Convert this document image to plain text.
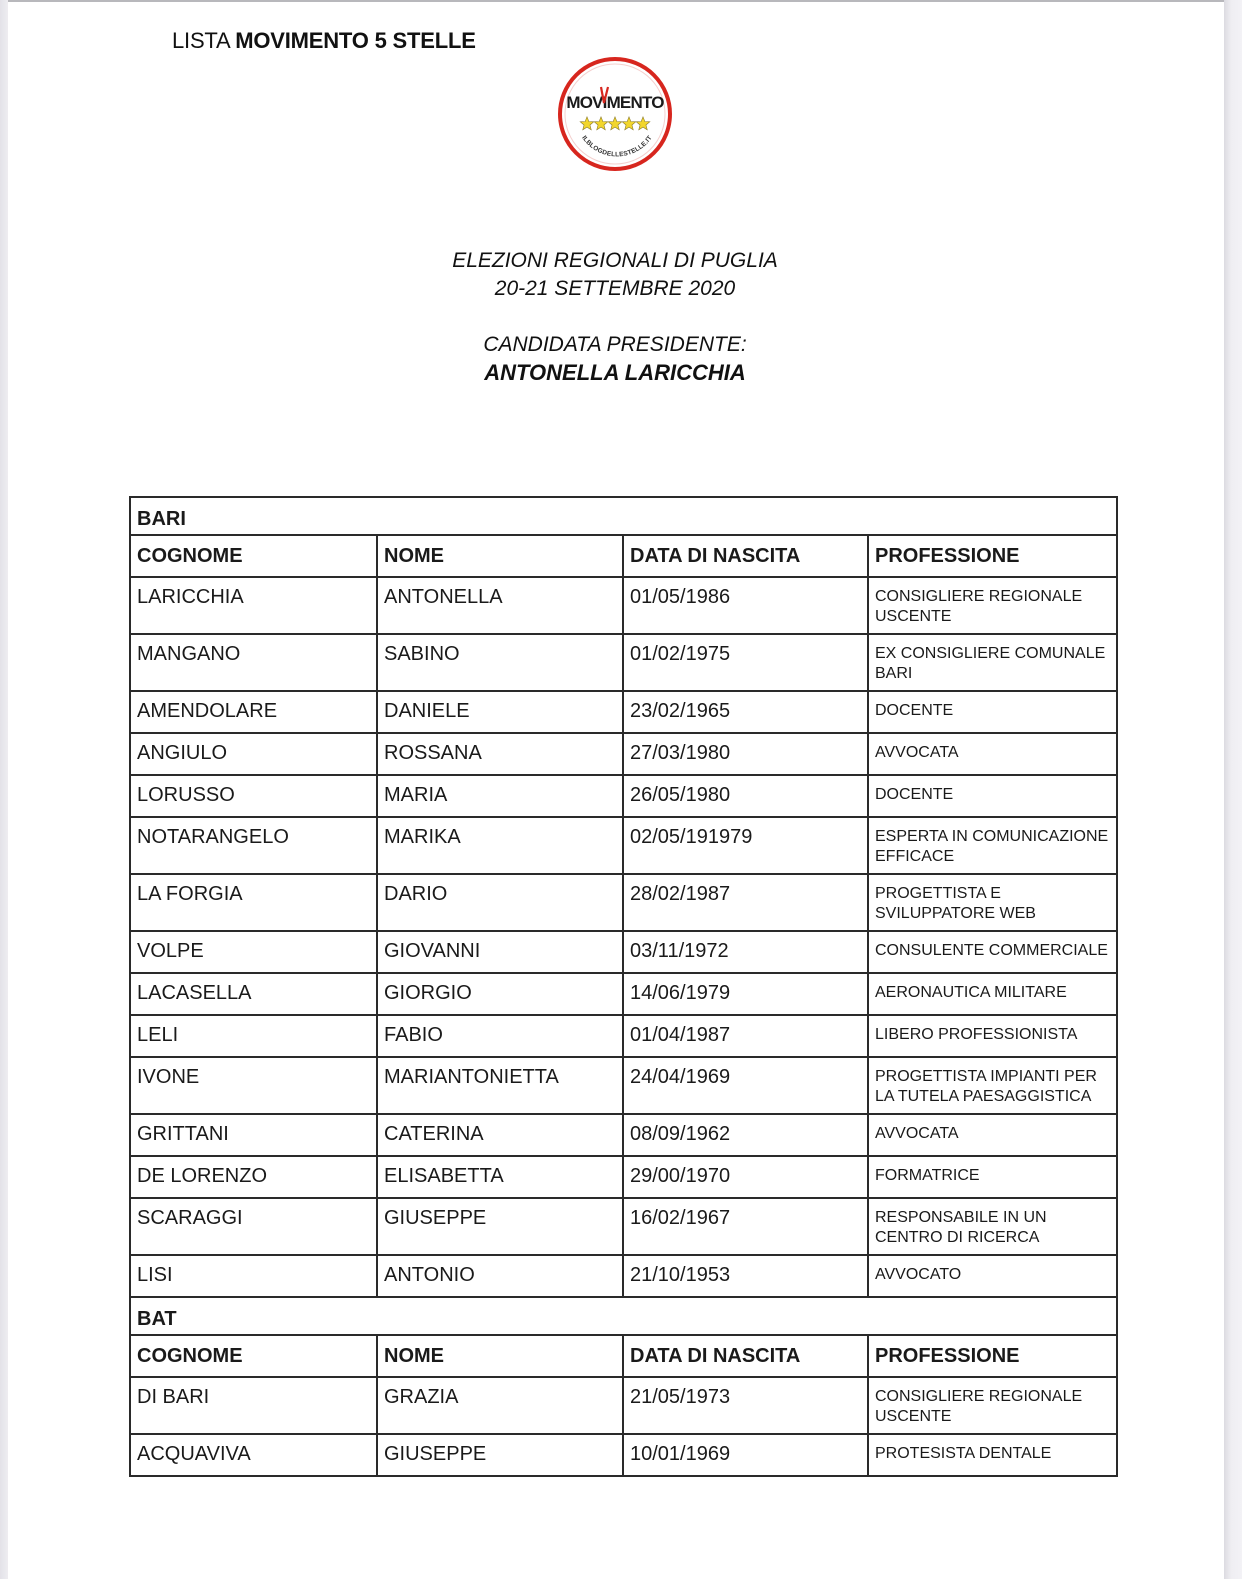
LISTA MOVIMENTO 5 STELLE
MOVIMENTO
ILBLOGDELLESTELLE.IT
ELEZIONI REGIONALI DI PUGLIA
20-21 SETTEMBRE 2020
CANDIDATA PRESIDENTE:
ANTONELLA LARICCHIA
BARI			
COGNOME	NOME	DATA DI NASCITA	PROFESSIONE
LARICCHIA	ANTONELLA	01/05/1986	CONSIGLIERE REGIONALE USCENTE
MANGANO	SABINO	01/02/1975	EX CONSIGLIERE COMUNALE BARI
AMENDOLARE	DANIELE	23/02/1965	DOCENTE
ANGIULO	ROSSANA	27/03/1980	AVVOCATA
LORUSSO	MARIA	26/05/1980	DOCENTE
NOTARANGELO	MARIKA	02/05/191979	ESPERTA IN COMUNICAZIONE EFFICACE
LA FORGIA	DARIO	28/02/1987	PROGETTISTA E SVILUPPATORE WEB
VOLPE	GIOVANNI	03/11/1972	CONSULENTE COMMERCIALE
LACASELLA	GIORGIO	14/06/1979	AERONAUTICA MILITARE
LELI	FABIO	01/04/1987	LIBERO PROFESSIONISTA
IVONE	MARIANTONIETTA	24/04/1969	PROGETTISTA IMPIANTI PER LA TUTELA PAESAGGISTICA
GRITTANI	CATERINA	08/09/1962	AVVOCATA
DE LORENZO	ELISABETTA	29/00/1970	FORMATRICE
SCARAGGI	GIUSEPPE	16/02/1967	RESPONSABILE IN UN CENTRO DI RICERCA
LISI	ANTONIO	21/10/1953	AVVOCATO
BAT			
COGNOME	NOME	DATA DI NASCITA	PROFESSIONE
DI BARI	GRAZIA	21/05/1973	CONSIGLIERE REGIONALE USCENTE
ACQUAVIVA	GIUSEPPE	10/01/1969	PROTESISTA DENTALE
